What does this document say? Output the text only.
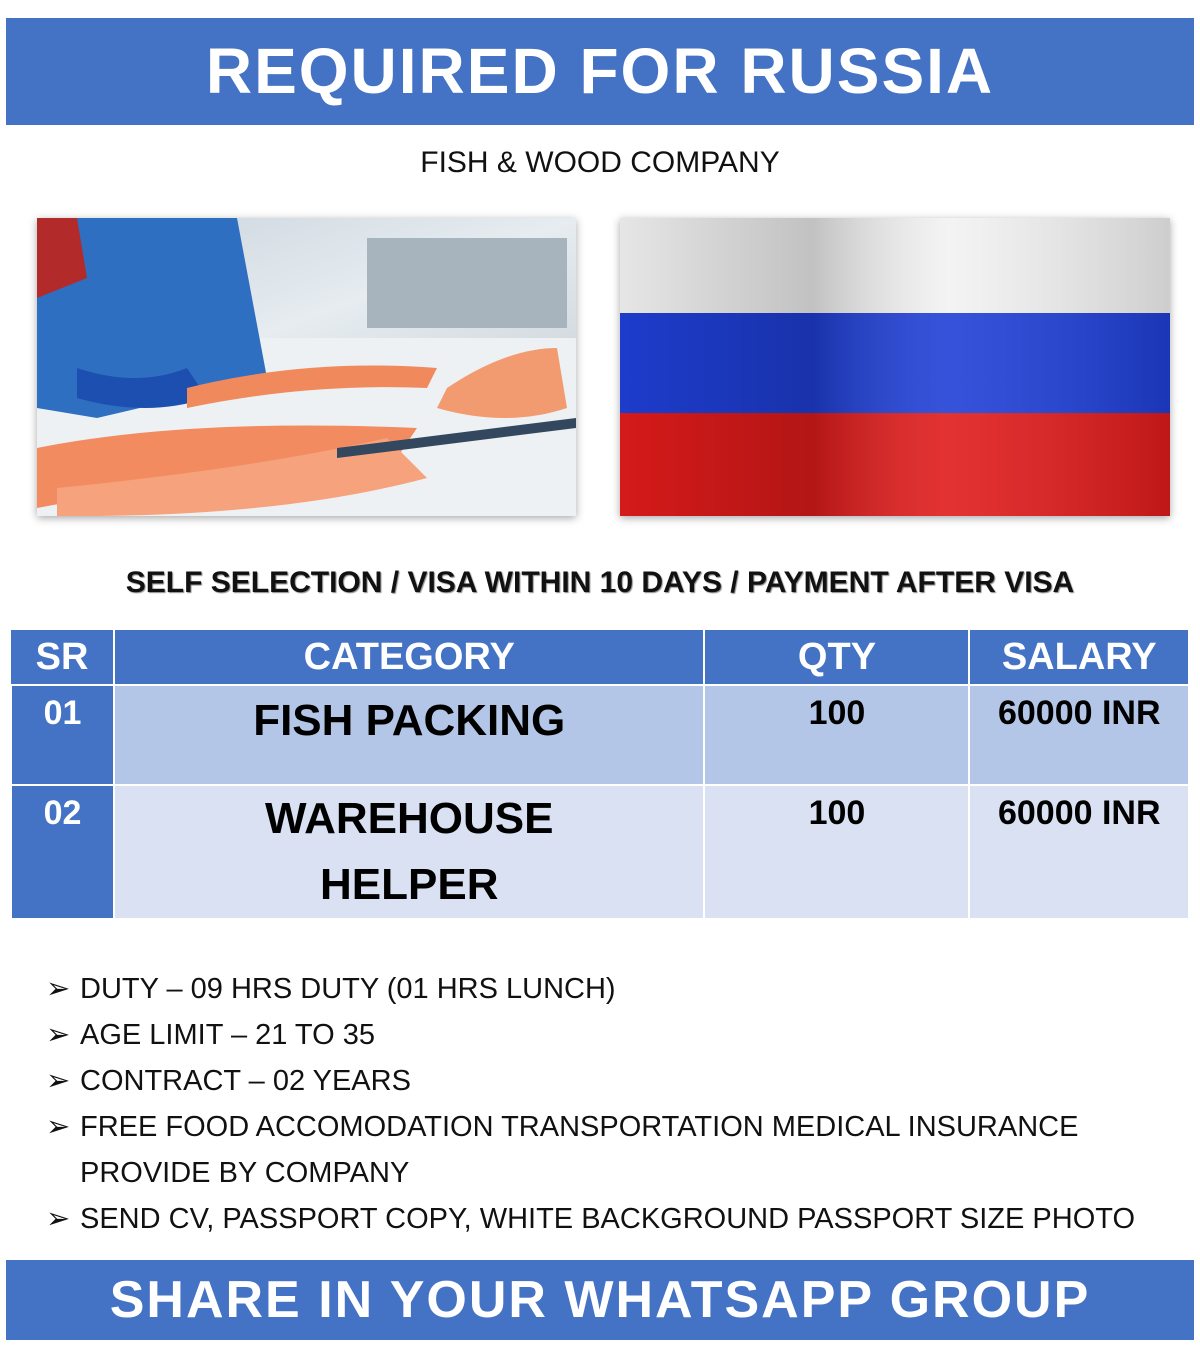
REQUIRED FOR RUSSIA
FISH & WOOD COMPANY
SELF SELECTION / VISA WITHIN 10 DAYS / PAYMENT AFTER VISA
SR	CATEGORY	QTY	SALARY
01	FISH PACKING	100	60000 INR
02	WAREHOUSE HELPER	100	60000 INR
➢ DUTY – 09 HRS DUTY (01 HRS LUNCH)
➢ AGE LIMIT – 21 TO 35
➢ CONTRACT – 02 YEARS
➢ FREE FOOD ACCOMODATION TRANSPORTATION MEDICAL INSURANCE PROVIDE BY COMPANY
➢ SEND CV, PASSPORT COPY, WHITE BACKGROUND PASSPORT SIZE PHOTO
SHARE IN YOUR WHATSAPP GROUP
